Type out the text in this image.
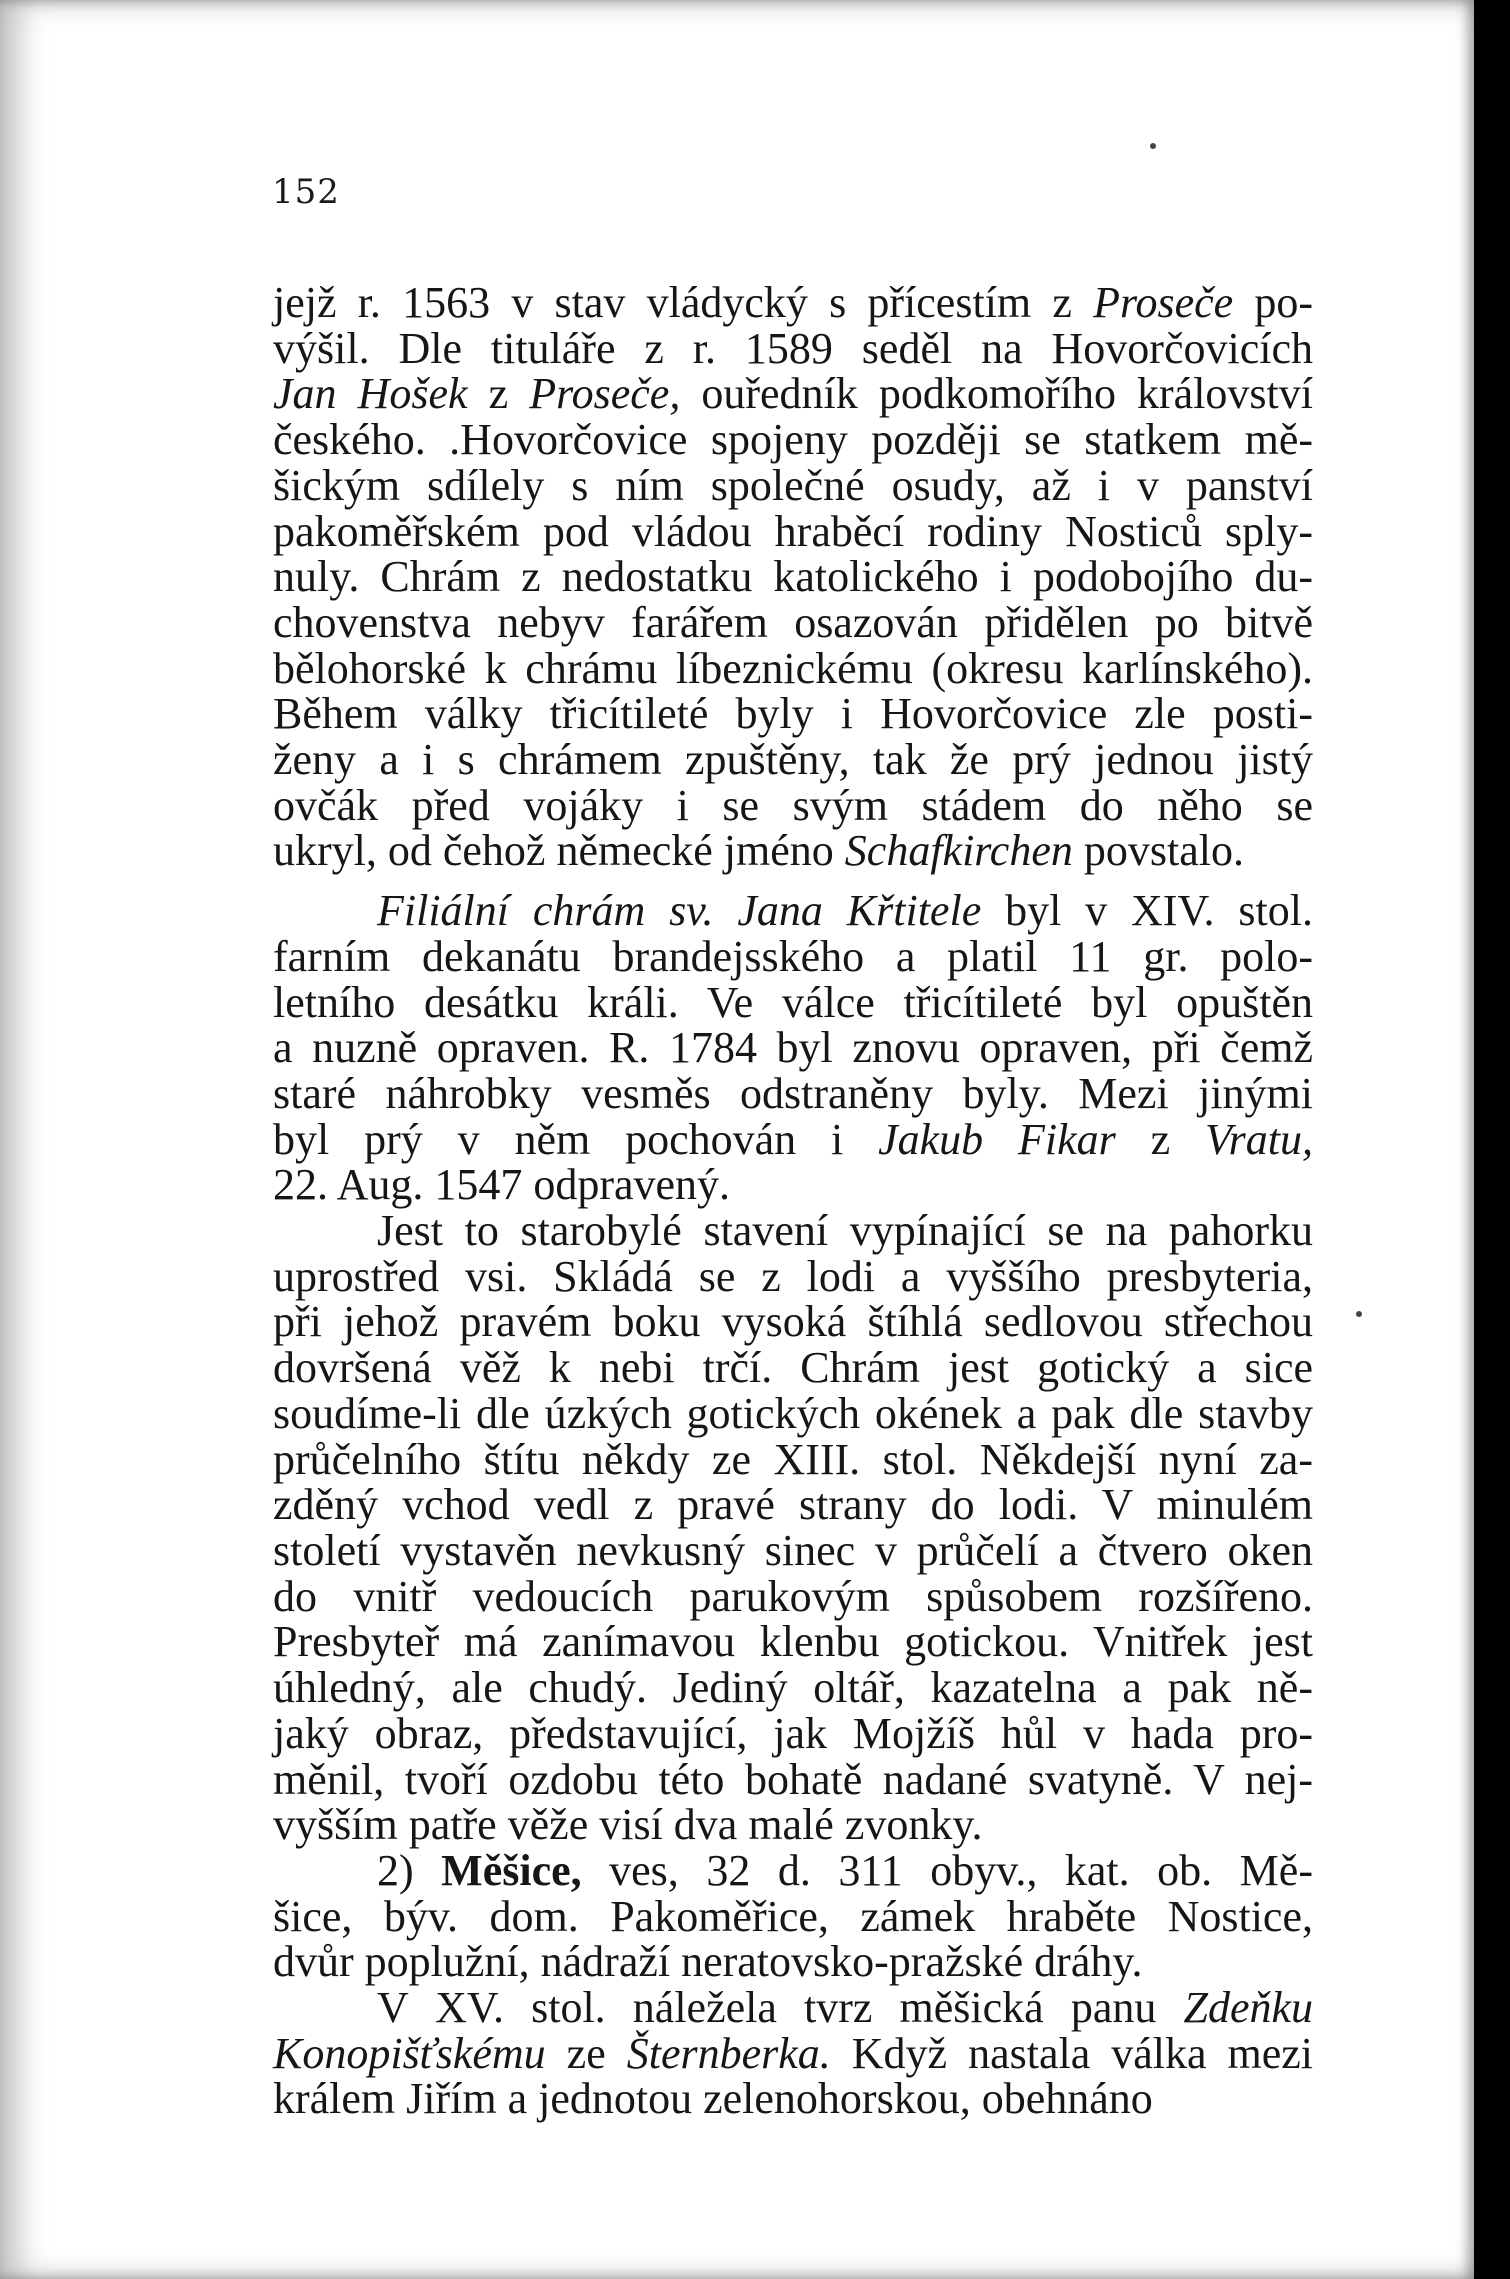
152

jejž r. 1563 v stav vládycký s přícestím z Proseče po-
výšil. Dle tituláře z r. 1589 seděl na Hovorčovicích
Jan Hošek z Proseče, ouředník podkomořího království
českého. .Hovorčovice spojeny později se statkem mě-
šickým sdílely s ním společné osudy, až i v panství
pakoměřském pod vládou hraběcí rodiny Nosticů sply-
nuly. Chrám z nedostatku katolického i podobojího du-
chovenstva nebyv farářem osazován přidělen po bitvě
bělohorské k chrámu líbeznickému (okresu karlínského).
Během války třicítileté byly i Hovorčovice zle posti-
ženy a i s chrámem zpuštěny, tak že prý jednou jistý
ovčák před vojáky i se svým stádem do něho se
ukryl, od čehož německé jméno Schafkirchen povstalo.

Filiální chrám sv. Jana Křtitele byl v XIV. stol.
farním dekanátu brandejsského a platil 11 gr. polo-
letního desátku králi. Ve válce třicítileté byl opuštěn
a nuzně opraven. R. 1784 byl znovu opraven, při čemž
staré náhrobky vesměs odstraněny byly. Mezi jinými
byl prý v něm pochován i Jakub Fikar z Vratu,
22. Aug. 1547 odpravený.

Jest to starobylé stavení vypínající se na pahorku
uprostřed vsi. Skládá se z lodi a vyššího presbyteria,
při jehož pravém boku vysoká štíhlá sedlovou střechou
dovršená věž k nebi trčí. Chrám jest gotický a sice
soudíme-li dle úzkých gotických okének a pak dle stavby
průčelního štítu někdy ze XIII. stol. Někdejší nyní za-
zděný vchod vedl z pravé strany do lodi. V minulém
století vystavěn nevkusný sinec v průčelí a čtvero oken
do vnitř vedoucích parukovým spůsobem rozšířeno.
Presbyteř má zanímavou klenbu gotickou. Vnitřek jest
úhledný, ale chudý. Jediný oltář, kazatelna a pak ně-
jaký obraz, představující, jak Mojžíš hůl v hada pro-
měnil, tvoří ozdobu této bohatě nadané svatyně. V nej-
vyšším patře věže visí dva malé zvonky.

2) Měšice, ves, 32 d. 311 obyv., kat. ob. Mě-
šice, býv. dom. Pakoměřice, zámek hraběte Nostice,
dvůr poplužní, nádraží neratovsko-pražské dráhy.

V XV. stol. náležela tvrz měšická panu Zdeňku
Konopišťskému ze Šternberka. Když nastala válka mezi
králem Jiřím a jednotou zelenohorskou, obehnáno
